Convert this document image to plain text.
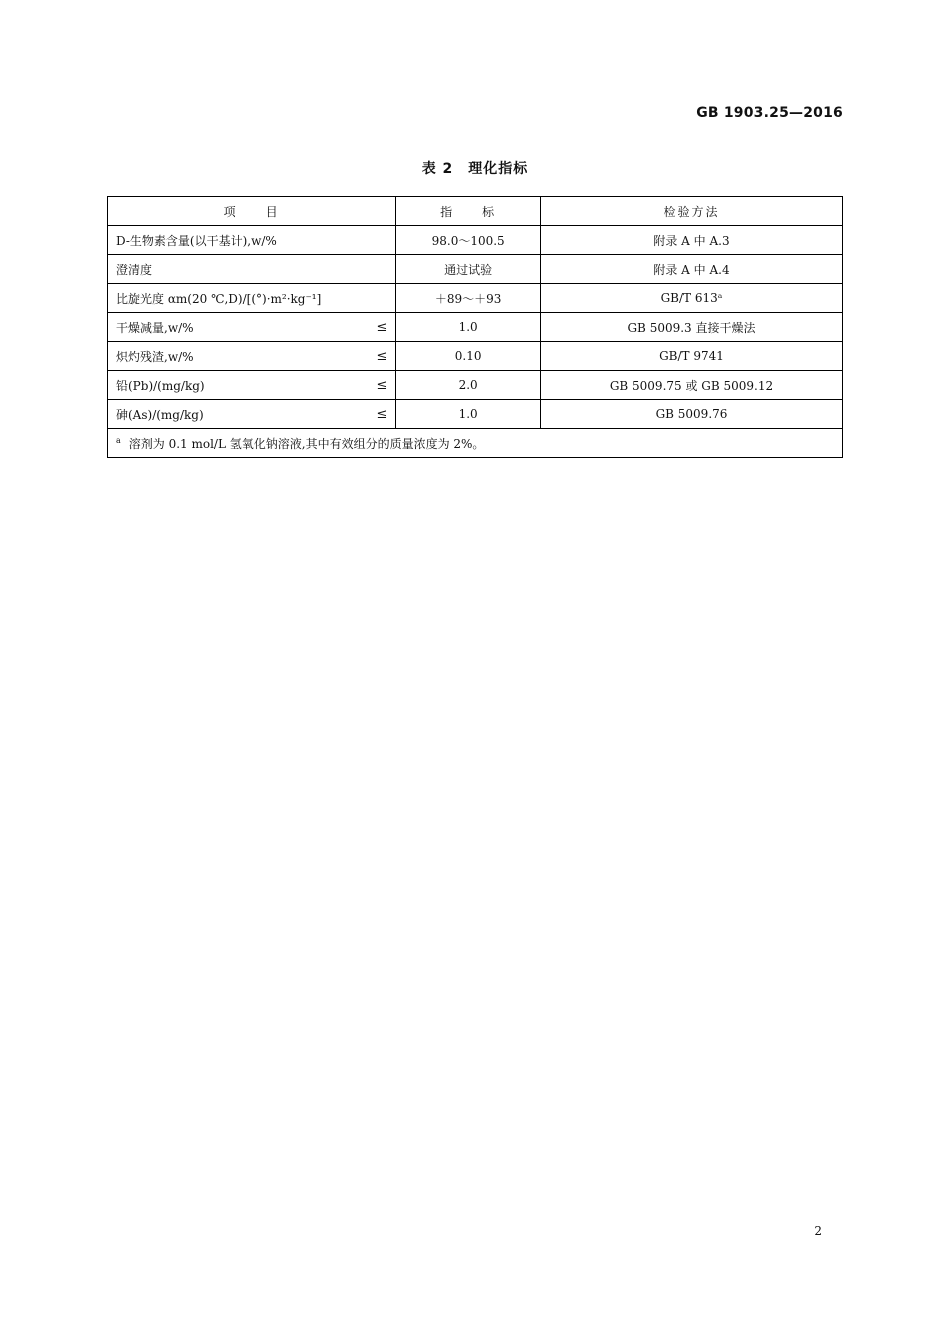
GB 1903.25—2016
表 2　理化指标
项　　目	指　　标	检验方法

D-生物素含量(以干基计),w/%	98.0～100.5	附录 A 中 A.3

澄清度	通过试验	附录 A 中 A.4

比旋光度 αm(20 ℃,D)/[(°)·m²·kg⁻¹]	＋89～＋93	GB/T 613ᵃ

干燥减量,w/% ≤	1.0	GB 5009.3 直接干燥法

炽灼残渣,w/% ≤	0.10	GB/T 9741

铅(Pb)/(mg/kg) ≤	2.0	GB 5009.75 或 GB 5009.12

砷(As)/(mg/kg) ≤	1.0	GB 5009.76
$^a$ 溶剂为 0.1 mol/L 氢氧化钠溶液,其中有效组分的质量浓度为 2%。		
2
